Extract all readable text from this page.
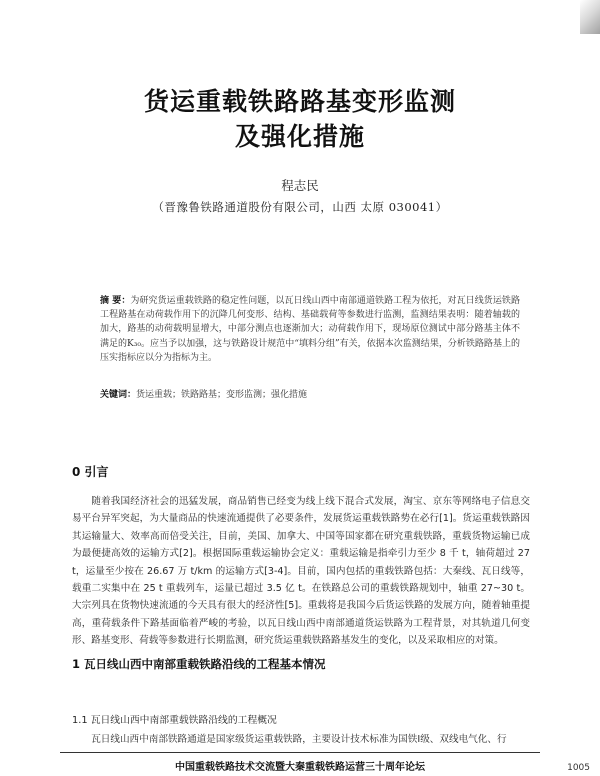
货运重载铁路路基变形监测
及强化措施
程志民
（晋豫鲁铁路通道股份有限公司，山西 太原 030041）
摘 要：为研究货运重载铁路的稳定性问题，以瓦日线山西中南部通道铁路工程为依托，对瓦日线货运铁路工程路基在动荷载作用下的沉降几何变形、结构、基础载荷等参数进行监测，监测结果表明：随着轴载的加大，路基的动荷载明显增大，中部分测点也逐渐加大；动荷载作用下，现场原位测试中部分路基主体不满足的K₃₀。应当予以加强，这与铁路设计规范中“填料分组”有关，依据本次监测结果，分析铁路路基上的压实指标应以分为指标为主。
关键词：货运重载；铁路路基；变形监测；强化措施
0 引言
随着我国经济社会的迅猛发展，商品销售已经变为线上线下混合式发展，淘宝、京东等网络电子信息交易平台异军突起，为大量商品的快速流通提供了必要条件，发展货运重载铁路势在必行[1]。货运重载铁路因其运输量大、效率高而倍受关注，目前，美国、加拿大、中国等国家都在研究重载铁路，重载货物运输已成为最便捷高效的运输方式[2]。根据国际重载运输协会定义：重载运输是指牵引力至少 8 千 t，轴荷超过 27 t，运量至少按在 26.67 万 t/km 的运输方式[3-4]。目前，国内包括的重载铁路包括：大秦线、瓦日线等，载重二实集中在 25 t 重载列车，运量已超过 3.5 亿 t。在铁路总公司的重载铁路规划中，轴重 27~30 t。大宗列具在货物快速流通的今天具有很大的经济性[5]。重载将是我国今后货运铁路的发展方向，随着轴重提高，重荷载条件下路基面临着严峻的考验，以瓦日线山西中南部通道货运铁路为工程背景，对其轨道几何变形、路基变形、荷载等参数进行长期监测，研究货运重载铁路路基发生的变化，以及采取相应的对策。
1 瓦日线山西中南部重载铁路沿线的工程基本情况
1.1 瓦日线山西中南部重载铁路沿线的工程概况
瓦日线山西中南部铁路通道是国家级货运重载铁路，主要设计技术标准为国铁Ⅰ级、双线电气化、行
中国重载铁路技术交流暨大秦重载铁路运营三十周年论坛	1005
